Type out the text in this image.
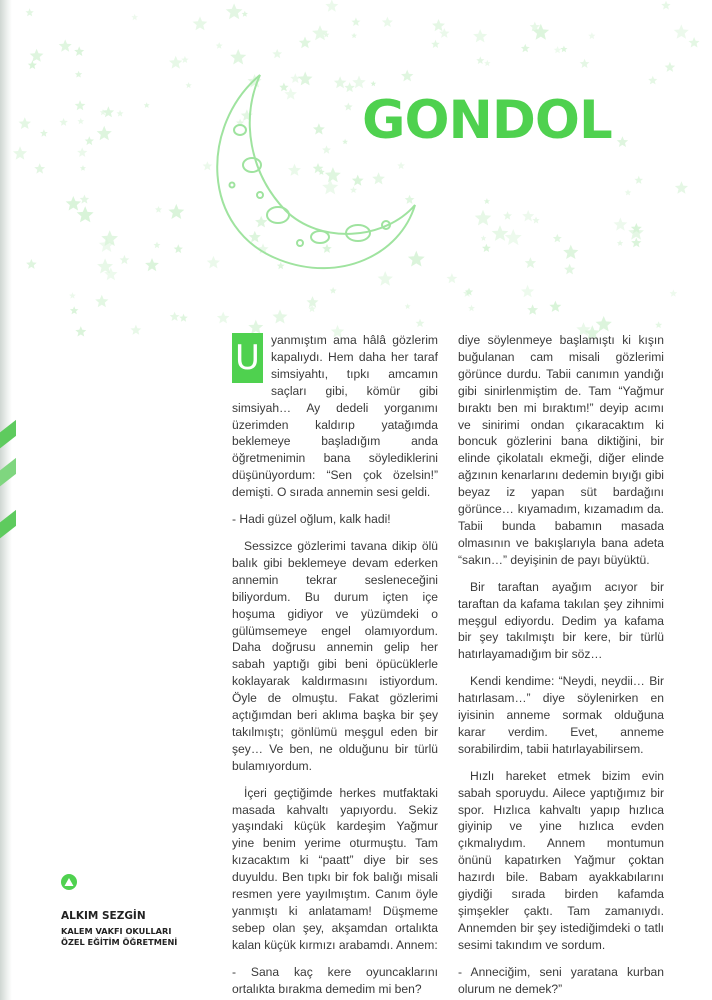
GONDOL

U yanmıştım ama hâlâ gözlerim kapalıydı. Hem daha her taraf simsiyahtı, tıpkı amcamın saçları gibi, kömür gibi simsiyah… Ay dedeli yorganımı üzerimden kaldırıp yatağımda beklemeye başladığım anda öğretmenimin bana söylediklerini düşünüyordum: “Sen çok özelsin!” demişti. O sırada annemin sesi geldi.

- Hadi güzel oğlum, kalk hadi!

Sessizce gözlerimi tavana dikip ölü balık gibi beklemeye devam ederken annemin tekrar sesleneceğini biliyordum. Bu durum içten içe hoşuma gidiyor ve yüzümdeki o gülümsemeye engel olamıyordum. Daha doğrusu annemin gelip her sabah yaptığı gibi beni öpücüklerle koklayarak kaldırmasını istiyordum. Öyle de olmuştu. Fakat gözlerimi açtığımdan beri aklıma başka bir şey takılmıştı; gönlümü meşgul eden bir şey… Ve ben, ne olduğunu bir türlü bulamıyordum.

İçeri geçtiğimde herkes mutfaktaki masada kahvaltı yapıyordu. Sekiz yaşındaki küçük kardeşim Yağmur yine benim yerime oturmuştu. Tam kızacaktım ki “paatt” diye bir ses duyuldu. Ben tıpkı bir fok balığı misali resmen yere yayılmıştım. Canım öyle yanmıştı ki anlatamam! Düşmeme sebep olan şey, akşamdan ortalıkta kalan küçük kırmızı arabamdı. Annem:

- Sana kaç kere oyuncaklarını ortalıkta bırakma demedim mi ben?

diye söylenmeye başlamıştı ki kışın buğulanan cam misali gözlerimi görünce durdu. Tabii canımın yandığı gibi sinirlenmiştim de. Tam “Yağmur bıraktı ben mi bıraktım!” deyip acımı ve sinirimi ondan çıkaracaktım ki boncuk gözlerini bana diktiğini, bir elinde çikolatalı ekmeği, diğer elinde ağzının kenarlarını dedemin bıyığı gibi beyaz iz yapan süt bardağını görünce… kıyamadım, kızamadım da. Tabii bunda babamın masada olmasının ve bakışlarıyla bana adeta “sakın…” deyişinin de payı büyüktü.

Bir taraftan ayağım acıyor bir taraftan da kafama takılan şey zihnimi meşgul ediyordu. Dedim ya kafama bir şey takılmıştı bir kere, bir türlü hatırlayamadığım bir söz…

Kendi kendime: “Neydi, neydii… Bir hatırlasam…” diye söylenirken en iyisinin anneme sormak olduğuna karar verdim. Evet, anneme sorabilirdim, tabii hatırlayabilirsem.

Hızlı hareket etmek bizim evin sabah sporuydu. Ailece yaptığımız bir spor. Hızlıca kahvaltı yapıp hızlıca giyinip ve yine hızlıca evden çıkmalıydım. Annem montumun önünü kapatırken Yağmur çoktan hazırdı bile. Babam ayakkabılarını giydiği sırada birden kafamda şimşekler çaktı. Tam zamanıydı. Annemden bir şey istediğimdeki o tatlı sesimi takındım ve sordum.

- Anneciğim, seni yaratana kurban olurum ne demek?”

ALKIM SEZGİN
KALEM VAKFI OKULLARI
ÖZEL EĞİTİM ÖĞRETMENİ
